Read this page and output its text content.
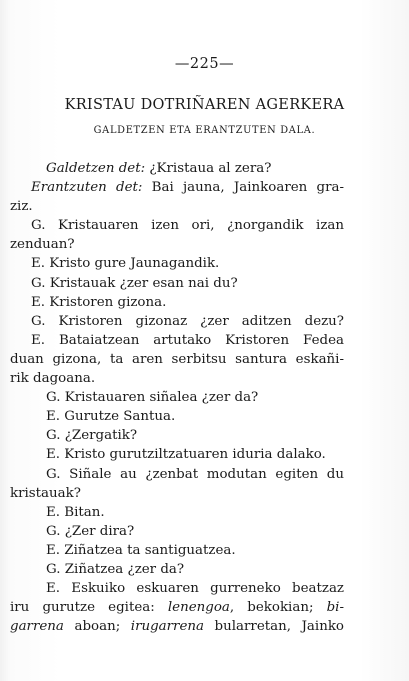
—225—
KRISTAU DOTRIÑAREN AGERKERA
GALDETZEN ETA ERANTZUTEN DALA.
Galdetzen det: ¿Kristaua al zera?
Erantzuten det: Bai jauna, Jainkoaren gra-
ziz.
G. Kristauaren izen ori, ¿norgandik izan
zenduan?
E. Kristo gure Jaunagandik.
G. Kristauak ¿zer esan nai du?
E. Kristoren gizona.
G. Kristoren gizonaz ¿zer aditzen dezu?
E. Bataiatzean artutako Kristoren Fedea
duan gizona, ta aren serbitsu santura eskañi-
rik dagoana.
G. Kristauaren siñalea ¿zer da?
E. Gurutze Santua.
G. ¿Zergatik?
E. Kristo gurutziltzatuaren iduria dalako.
G. Siñale au ¿zenbat modutan egiten du
kristauak?
E. Bitan.
G. ¿Zer dira?
E. Ziñatzea ta santiguatzea.
G. Ziñatzea ¿zer da?
E. Eskuiko eskuaren gurreneko beatzaz
iru gurutze egitea: lenengoa, bekokian; bi-
garrena aboan; irugarrena bularretan, Jainko
